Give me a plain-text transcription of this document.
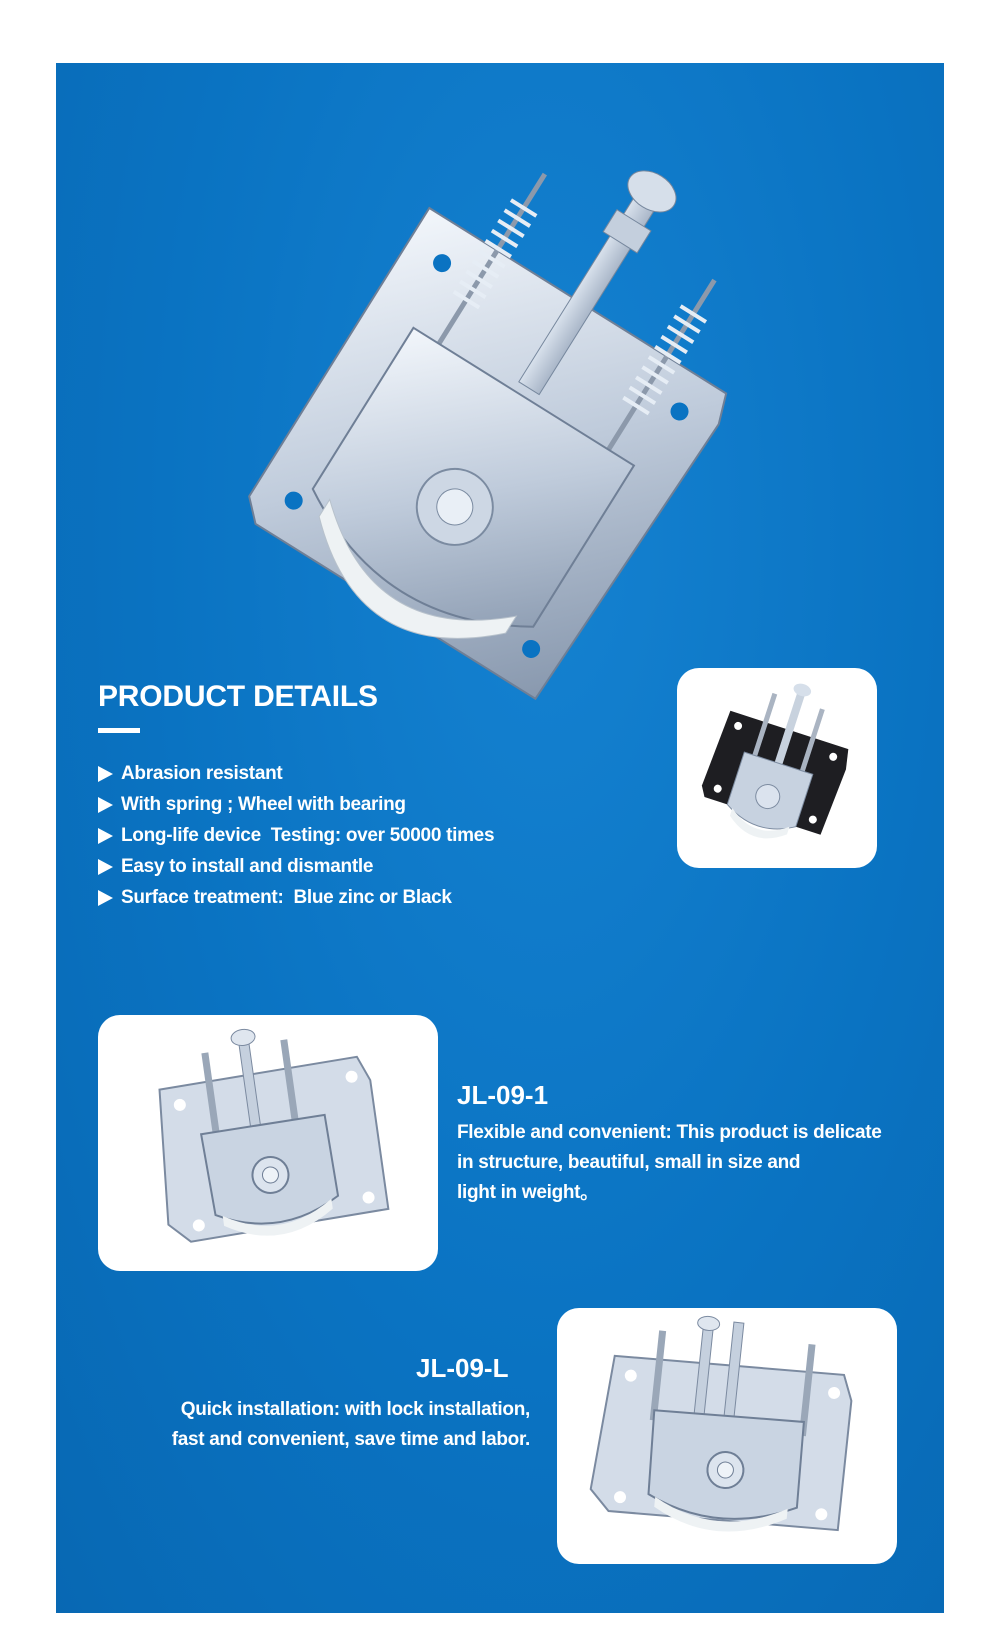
PRODUCT DETAILS
Abrasion resistant
With spring ; Wheel with bearing
Long-life device  Testing: over 50000 times
Easy to install and dismantle
Surface treatment:  Blue zinc or Black
JL-09-1

Flexible and convenient: This product is delicate
in structure, beautiful, small in size and
light in weight。

JL-09-L

Quick installation: with lock installation,
fast and convenient, save time and labor.
